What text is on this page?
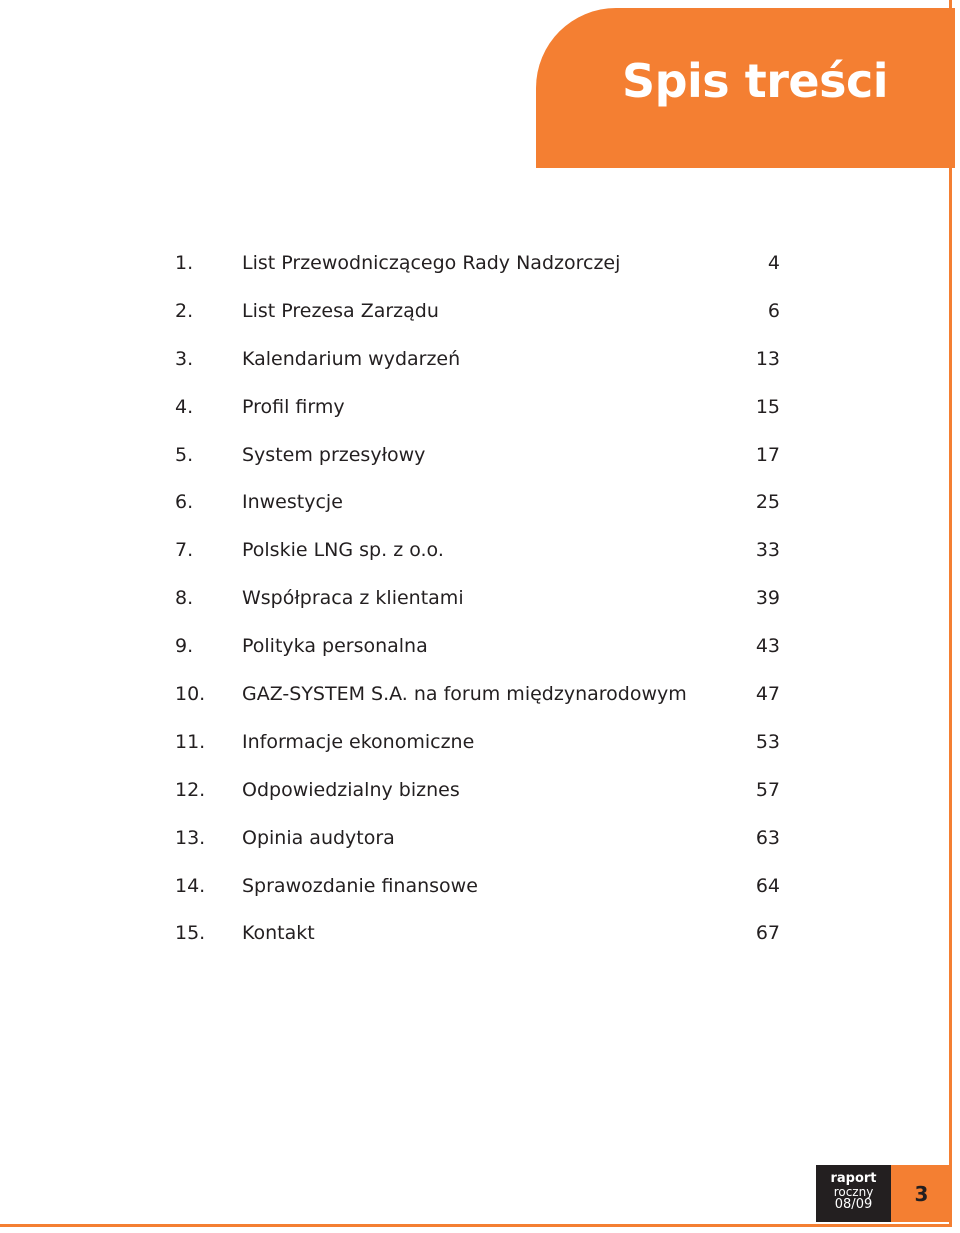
Spis treści
1.	List Przewodniczącego Rady Nadzorczej	4
2.	List Prezesa Zarządu	6
3.	Kalendarium wydarzeń	13
4.	Profil firmy	15
5.	System przesyłowy	17
6.	Inwestycje	25
7.	Polskie LNG sp. z o.o.	33
8.	Współpraca z klientami	39
9.	Polityka personalna	43
10.	GAZ-SYSTEM S.A. na forum międzynarodowym	47
11.	Informacje ekonomiczne	53
12.	Odpowiedzialny biznes	57
13.	Opinia audytora	63
14.	Sprawozdanie finansowe	64
15.	Kontakt	67
raport
roczny
08/09	3
